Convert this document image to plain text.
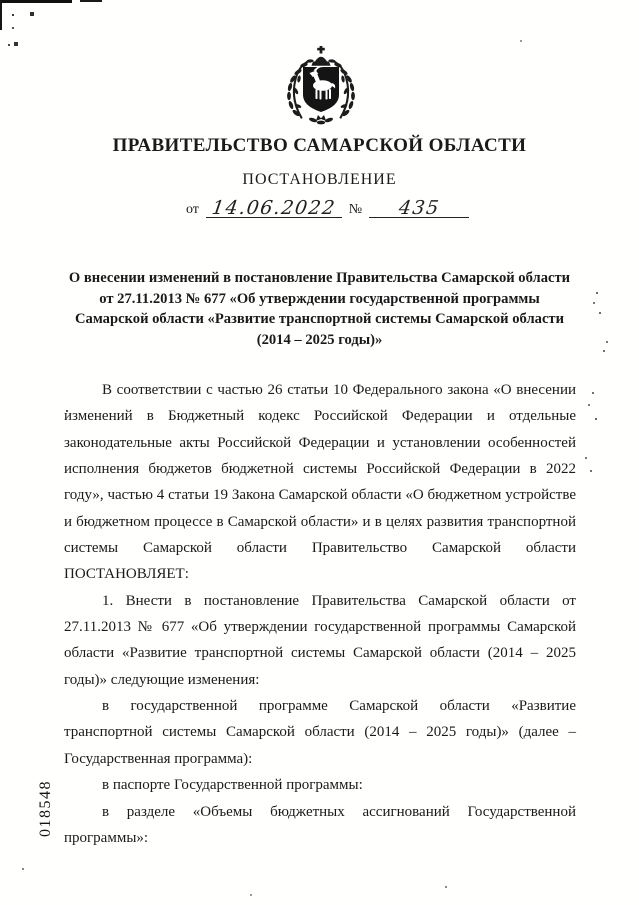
ПРАВИТЕЛЬСТВО САМАРСКОЙ ОБЛАСТИ
ПОСТАНОВЛЕНИЕ
от 14.06.2022 № 435
О внесении изменений в постановление Правительства Самарской области
от 27.11.2013 № 677 «Об утверждении государственной программы
Самарской области «Развитие транспортной системы Самарской области
(2014 – 2025 годы)»

В соответствии с частью 26 статьи 10 Федерального закона «О внесении изменений в Бюджетный кодекс Российской Федерации и отдельные законодательные акты Российской Федерации и установлении особенностей исполнения бюджетов бюджетной системы Российской Федерации в 2022 году», частью 4 статьи 19 Закона Самарской области «О бюджетном устройстве и бюджетном процессе в Самарской области» и в целях развития транспортной системы Самарской области Правительство Самарской области ПОСТАНОВЛЯЕТ:

1. Внести в постановление Правительства Самарской области от 27.11.2013 № 677 «Об утверждении государственной программы Самарской области «Развитие транспортной системы Самарской области (2014 – 2025 годы)» следующие изменения:

в государственной программе Самарской области «Развитие транспортной системы Самарской области (2014 – 2025 годы)» (далее – Государственная программа):

в паспорте Государственной программы:

в разделе «Объемы бюджетных ассигнований Государственной программы»:

018548
